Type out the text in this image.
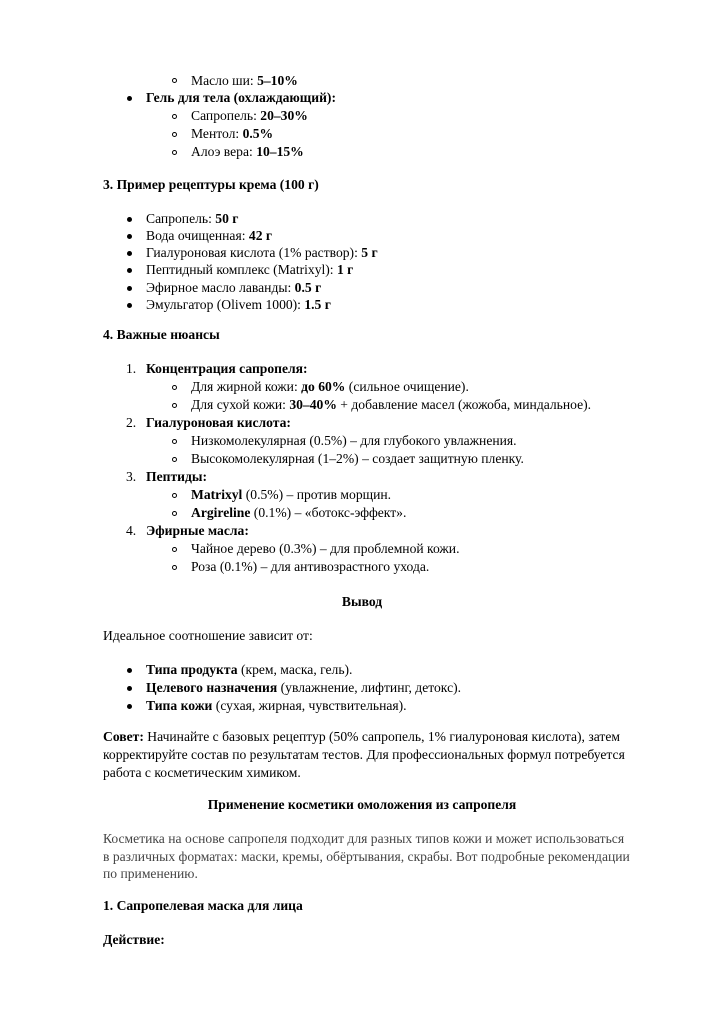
Масло ши: 5–10%
Гель для тела (охлаждающий):
Сапропель: 20–30%
Ментол: 0.5%
Алоэ вера: 10–15%
3. Пример рецептуры крема (100 г)
Сапропель: 50 г
Вода очищенная: 42 г
Гиалуроновая кислота (1% раствор): 5 г
Пептидный комплекс (Matrixyl): 1 г
Эфирное масло лаванды: 0.5 г
Эмульгатор (Olivem 1000): 1.5 г
4. Важные нюансы
1. Концентрация сапропеля:
Для жирной кожи: до 60% (сильное очищение).
Для сухой кожи: 30–40% + добавление масел (жожоба, миндальное).
2. Гиалуроновая кислота:
Низкомолекулярная (0.5%) – для глубокого увлажнения.
Высокомолекулярная (1–2%) – создает защитную пленку.
3. Пептиды:
Matrixyl (0.5%) – против морщин.
Argireline (0.1%) – «ботокс-эффект».
4. Эфирные масла:
Чайное дерево (0.3%) – для проблемной кожи.
Роза (0.1%) – для антивозрастного ухода.
Вывод
Идеальное соотношение зависит от:
Типа продукта (крем, маска, гель).
Целевого назначения (увлажнение, лифтинг, детокс).
Типа кожи (сухая, жирная, чувствительная).
Совет: Начинайте с базовых рецептур (50% сапропель, 1% гиалуроновая кислота), затем
корректируйте состав по результатам тестов. Для профессиональных формул потребуется
работа с косметическим химиком.
Применение косметики омоложения из сапропеля
Косметика на основе сапропеля подходит для разных типов кожи и может использоваться
в различных форматах: маски, кремы, обёртывания, скрабы. Вот подробные рекомендации
по применению.
1. Сапропелевая маска для лица
Действие:
